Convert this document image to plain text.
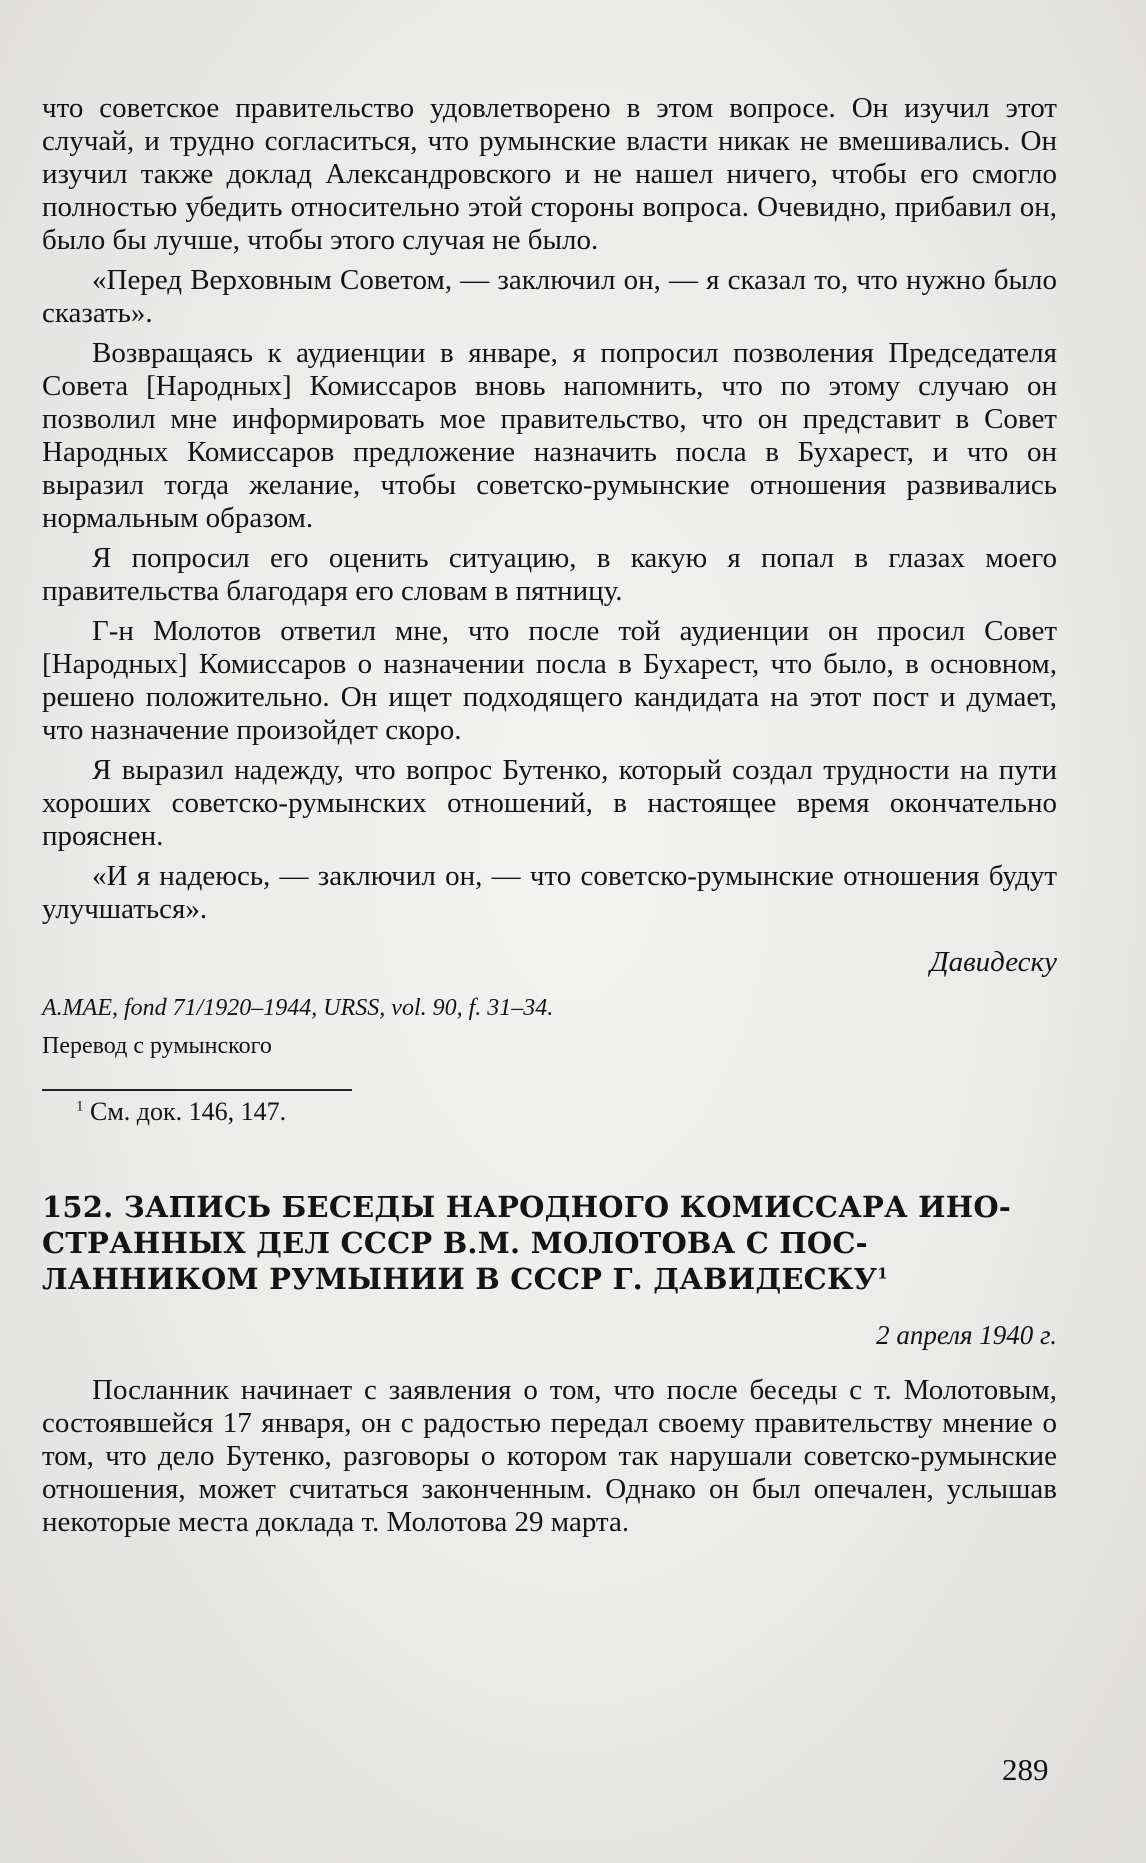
что советское правительство удовлетворено в этом вопросе. Он изучил этот случай, и трудно согласиться, что румынские власти никак не вмешивались. Он изучил также доклад Александровского и не нашел ничего, чтобы его смогло полностью убедить относительно этой стороны вопроса. Очевидно, прибавил он, было бы лучше, чтобы этого случая не было.

«Перед Верховным Советом, — заключил он, — я сказал то, что нужно было сказать».

Возвращаясь к аудиенции в январе, я попросил позволения Председателя Совета [Народных] Комиссаров вновь напомнить, что по этому случаю он позволил мне информировать мое правительство, что он представит в Совет Народных Комиссаров предложение назначить посла в Бухарест, и что он выразил тогда желание, чтобы советско-румынские отношения развивались нормальным образом.

Я попросил его оценить ситуацию, в какую я попал в глазах моего правительства благодаря его словам в пятницу.

Г-н Молотов ответил мне, что после той аудиенции он просил Совет [Народных] Комиссаров о назначении посла в Бухарест, что было, в основном, решено положительно. Он ищет подходящего кандидата на этот пост и думает, что назначение произойдет скоро.

Я выразил надежду, что вопрос Бутенко, который создал трудности на пути хороших советско-румынских отношений, в настоящее время окончательно прояснен.

«И я надеюсь, — заключил он, — что советско-румынские отношения будут улучшаться».

Давидеску
A.MAE, fond 71/1920–1944, URSS, vol. 90, f. 31–34.
Перевод с румынского
$^1$ См. док. 146, 147.
152. ЗАПИСЬ БЕСЕДЫ НАРОДНОГО КОМИССАРА ИНО-
СТРАННЫХ ДЕЛ СССР В.М. МОЛОТОВА С ПОС-
ЛАННИКОМ РУМЫНИИ В СССР Г. ДАВИДЕСКУ$^1$
2 апреля 1940 г.

Посланник начинает с заявления о том, что после беседы с т. Молотовым, состоявшейся 17 января, он с радостью передал своему правительству мнение о том, что дело Бутенко, разговоры о котором так нарушали советско-румынские отношения, может считаться законченным. Однако он был опечален, услышав некоторые места доклада т. Молотова 29 марта.

289
